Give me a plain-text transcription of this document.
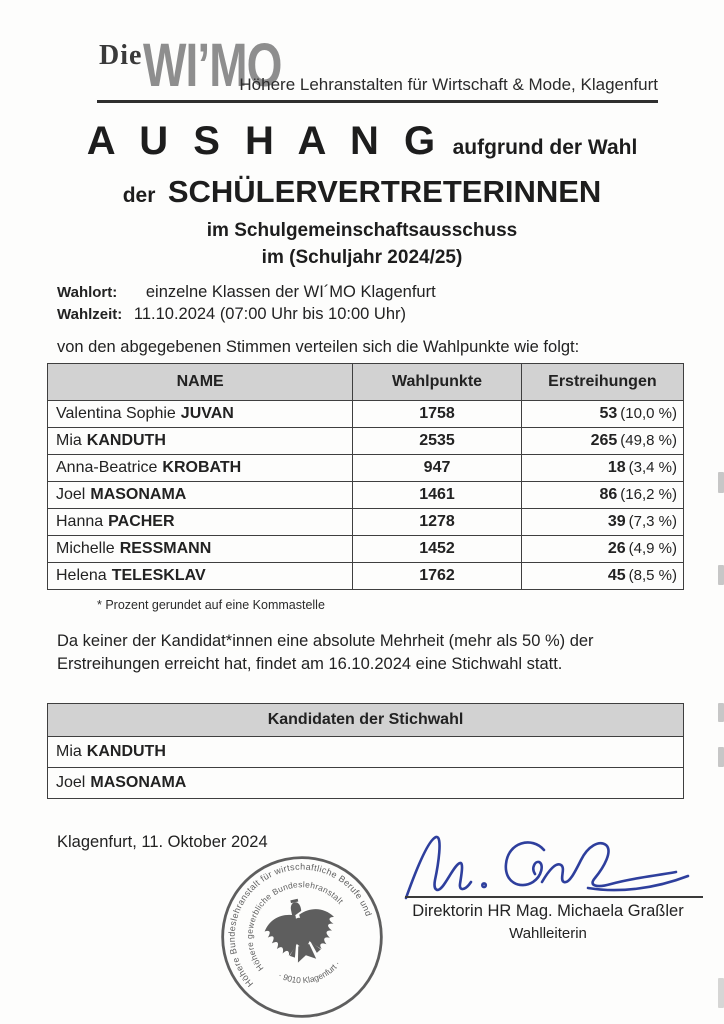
Die WI’MO
Höhere Lehranstalten für Wirtschaft & Mode, Klagenfurt
A U S H A N G aufgrund der Wahl
der SCHÜLERVERTRETERINNEN
im Schulgemeinschaftsausschuss
im (Schuljahr 2024/25)
Wahlort: einzelne Klassen der WI´MO Klagenfurt
Wahlzeit: 11.10.2024 (07:00 Uhr bis 10:00 Uhr)
von den abgegebenen Stimmen verteilen sich die Wahlpunkte wie folgt:
NAME	Wahlpunkte	Erstreihungen
Valentina Sophie JUVAN	1758	53 (10,0 %)
Mia KANDUTH	2535	265 (49,8 %)
Anna-Beatrice KROBATH	947	18 (3,4 %)
Joel MASONAMA	1461	86 (16,2 %)
Hanna PACHER	1278	39 (7,3 %)
Michelle RESSMANN	1452	26 (4,9 %)
Helena TELESKLAV	1762	45 (8,5 %)
* Prozent gerundet auf eine Kommastelle
Da keiner der Kandidat*innen eine absolute Mehrheit (mehr als 50 %) der Erstreihungen erreicht hat, findet am 16.10.2024 eine Stichwahl statt.
Kandidaten der Stichwahl
Mia KANDUTH
Joel MASONAMA
Klagenfurt, 11. Oktober 2024
Höhere Bundeslehranstalt für wirtschaftliche Berufe und
Höhere gewerbliche Bundeslehranstalt
· 9010 Klagenfurt ·
Direktorin HR Mag. Michaela Graßler
Wahlleiterin
